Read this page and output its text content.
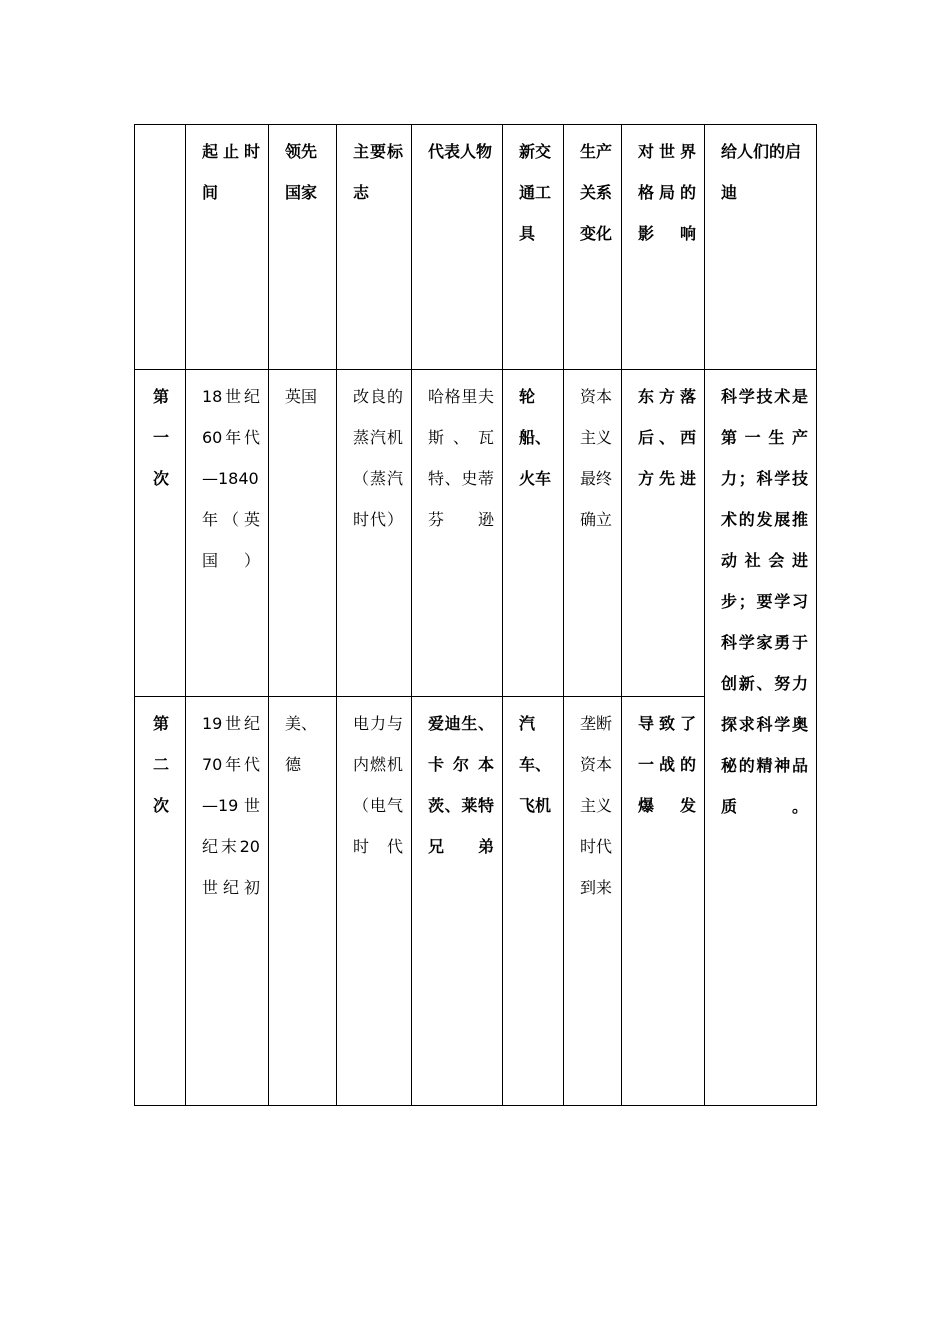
	起止时间	领先国家	主要标志	代表人物	新交通工具	生产关系变化	对世界格局的影响	给人们的启迪
第一次	18世纪60年代—1840年（英国）	英国	改良的蒸汽机（蒸汽时代）	哈格里夫斯、瓦特、史蒂芬逊	轮船、火车	资本主义最终确立	东方落后、西方先进	科学技术是第一生产力；科学技术的发展推动社会进步；要学习科学家勇于创新、努力探求科学奥秘的精神品质。
第二次	19世纪70年代—19世纪末20世纪初	美、德	电力与内燃机（电气时代	爱迪生、卡尔本茨、莱特兄弟	汽车、飞机	垄断资本主义时代到来	导致了一战的爆发	
